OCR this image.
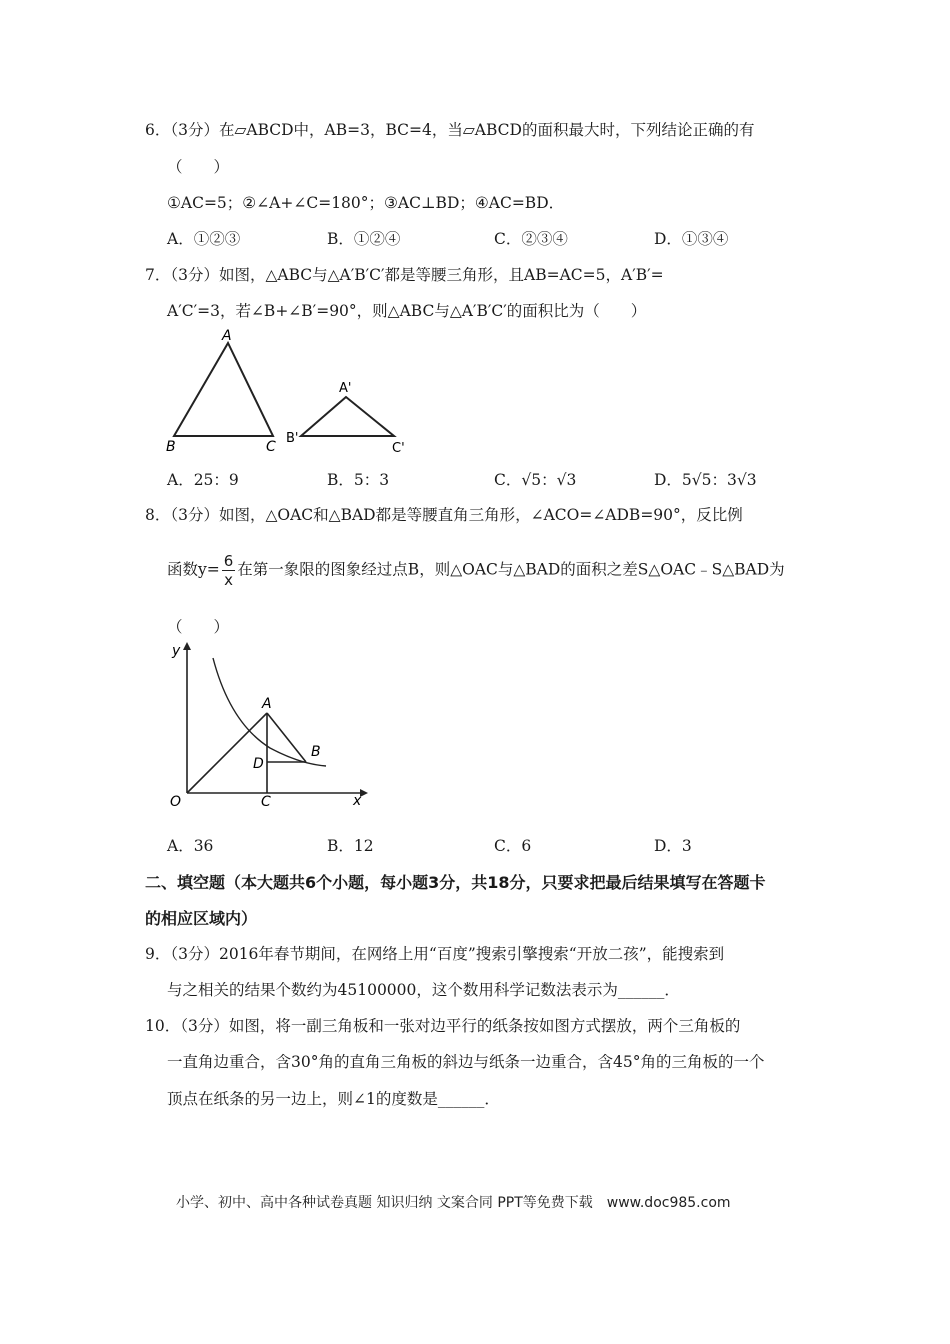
6．（3分）在▱ABCD中，AB=3，BC=4，当▱ABCD的面积最大时，下列结论正确的有
（　　）
①AC=5；②∠A+∠C=180°；③AC⊥BD；④AC=BD．
A．①②③	B．①②④	C．②③④	D．①③④
7．（3分）如图，△ABC与△A′B′C′都是等腰三角形，且AB=AC=5，A′B′=
A′C′=3，若∠B+∠B′=90°，则△ABC与△A′B′C′的面积比为（　　）
A
B	C
A'
B'
C'
A．25：9	B．5：3	C．√5：√3	D．5√5：3√3
8．（3分）如图，△OAC和△BAD都是等腰直角三角形，∠ACO=∠ADB=90°，反比例
函数$y= \frac{6}{x}$ 在第一象限的图象经过点B，则△OAC与△BAD的面积之差S△OAC﹣S△BAD为
（　　）
y
x
O
A
B
C
D
A．36	B．12	C．6	D．3
二、填空题（本大题共6个小题，每小题3分，共18分，只要求把最后结果填写在答题卡
的相应区域内）
9．（3分）2016年春节期间，在网络上用“百度”搜索引擎搜索“开放二孩”，能搜索到
与之相关的结果个数约为45100000，这个数用科学记数法表示为______．
10．（3分）如图，将一副三角板和一张对边平行的纸条按如图方式摆放，两个三角板的
一直角边重合，含30°角的直角三角板的斜边与纸条一边重合，含45°角的三角板的一个
顶点在纸条的另一边上，则∠1的度数是______．
小学、初中、高中各种试卷真题 知识归纳 文案合同 PPT等免费下载　www.doc985.com
